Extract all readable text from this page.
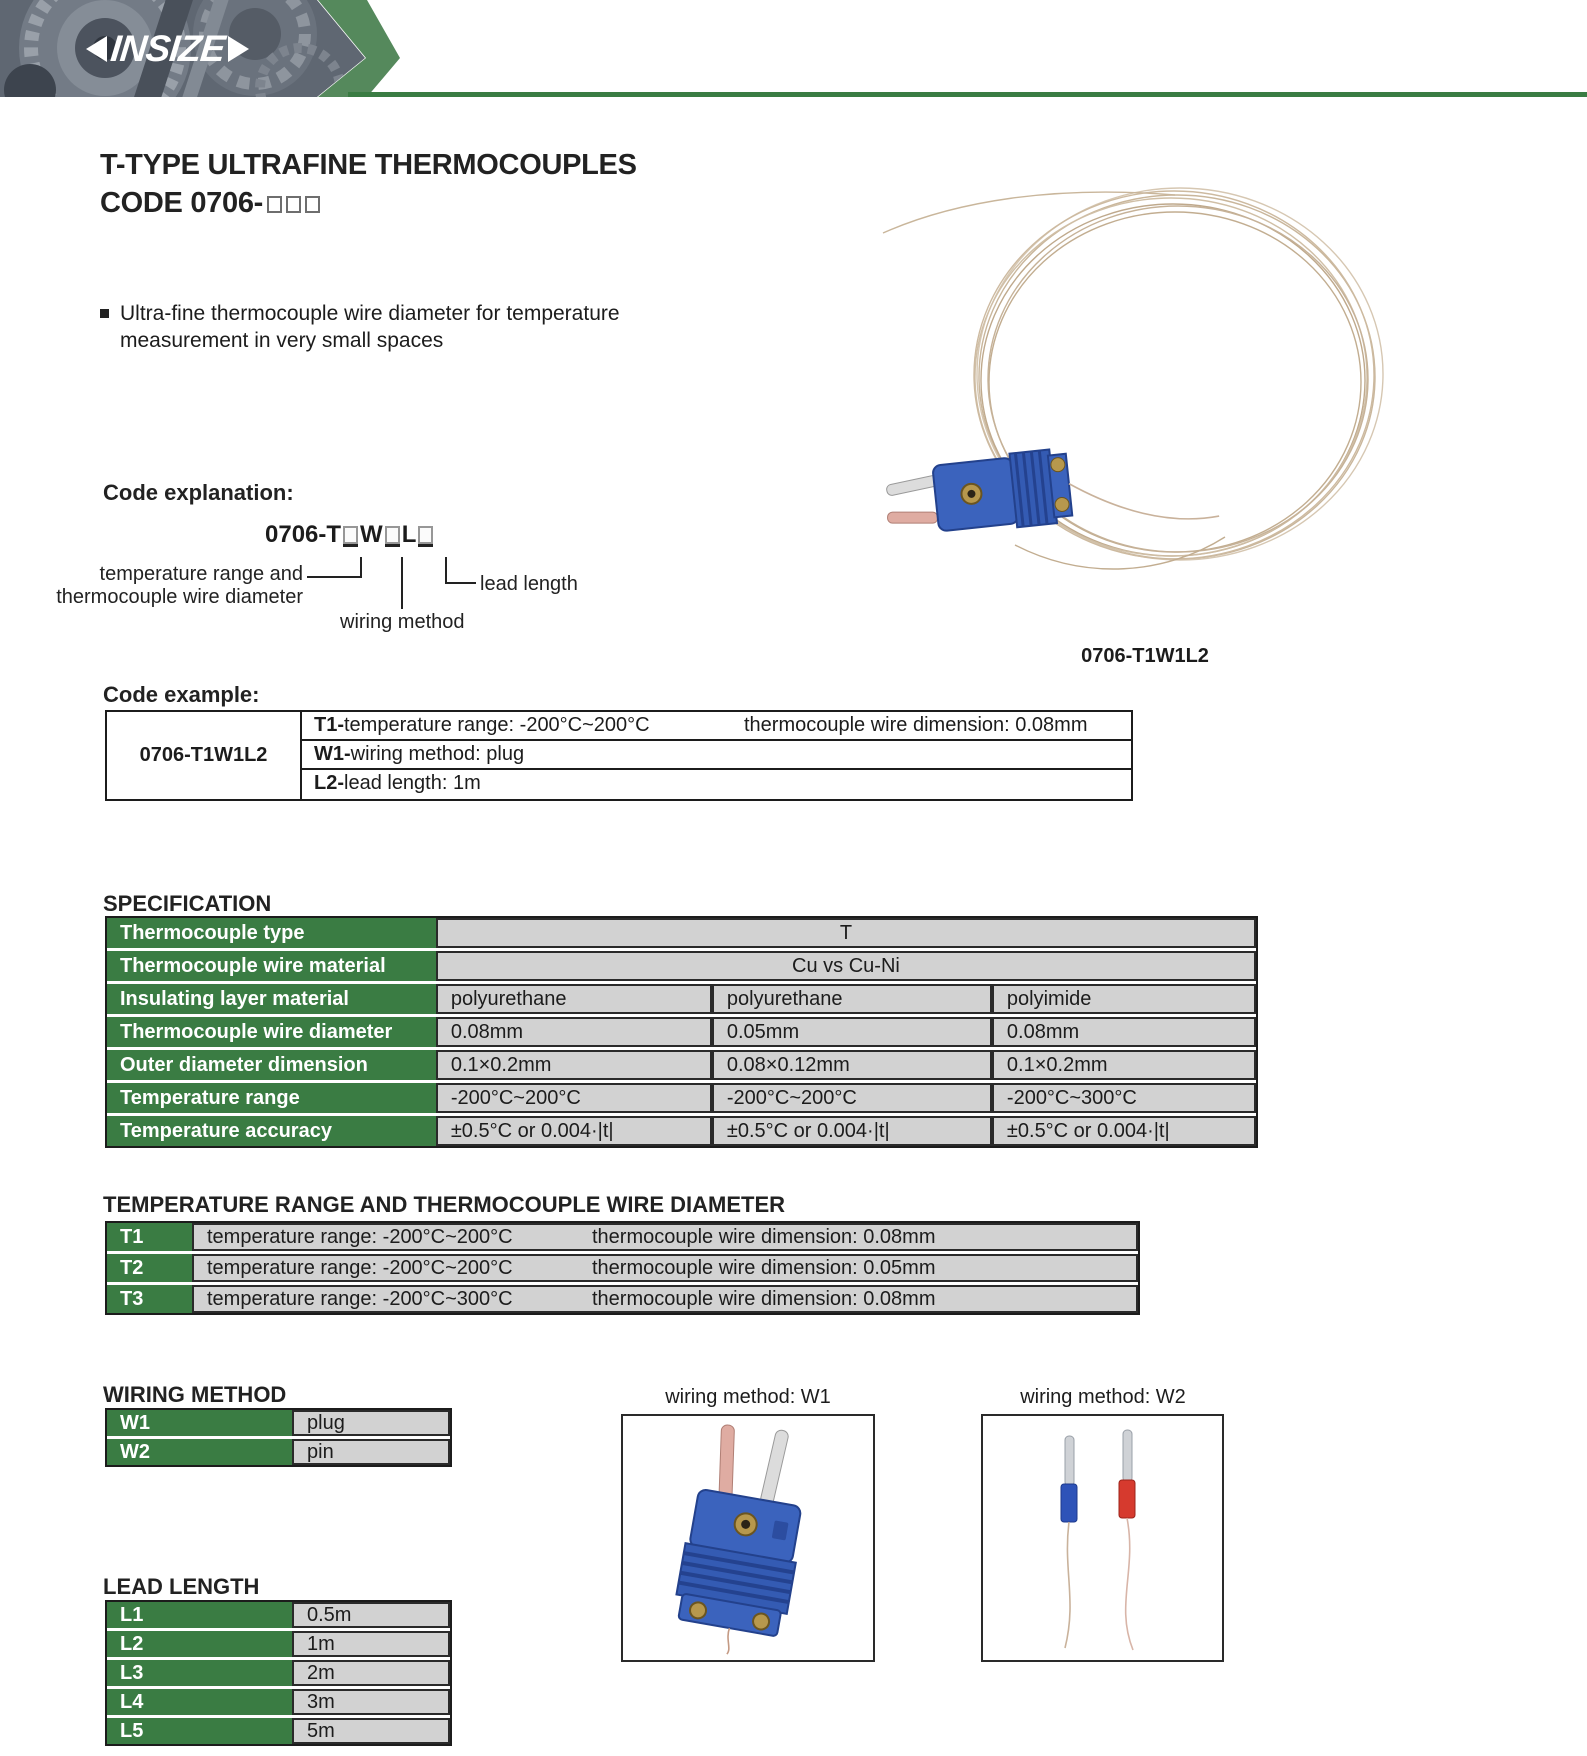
INSIZE
T-TYPE ULTRAFINE THERMOCOUPLES
CODE 0706-
Ultra-fine thermocouple wire diameter for temperature measurement in very small spaces
Code explanation:
0706-T W L
temperature range and
thermocouple wire diameter
lead length
wiring method
0706-T1W1L2
Code example:
0706-T1W1L2
T1-temperature range: -200°C~200°C	thermocouple wire dimension: 0.08mm
W1-wiring method: plug
L2-lead length: 1m
SPECIFICATION
Thermocouple type	T
Thermocouple wire material	Cu vs Cu-Ni
Insulating layer material	polyurethane	polyurethane	polyimide
Thermocouple wire diameter	0.08mm	0.05mm	0.08mm
Outer diameter dimension	0.1×0.2mm	0.08×0.12mm	0.1×0.2mm
Temperature range	-200°C~200°C	-200°C~200°C	-200°C~300°C
Temperature accuracy	±0.5°C or 0.004·|t|	±0.5°C or 0.004·|t|	±0.5°C or 0.004·|t|
TEMPERATURE RANGE AND THERMOCOUPLE WIRE DIAMETER
T1	temperature range: -200°C~200°C	thermocouple wire dimension: 0.08mm
T2	temperature range: -200°C~200°C	thermocouple wire dimension: 0.05mm
T3	temperature range: -200°C~300°C	thermocouple wire dimension: 0.08mm
WIRING METHOD
W1	plug
W2	pin
wiring method: W1	wiring method: W2
LEAD LENGTH
L1	0.5m
L2	1m
L3	2m
L4	3m
L5	5m
